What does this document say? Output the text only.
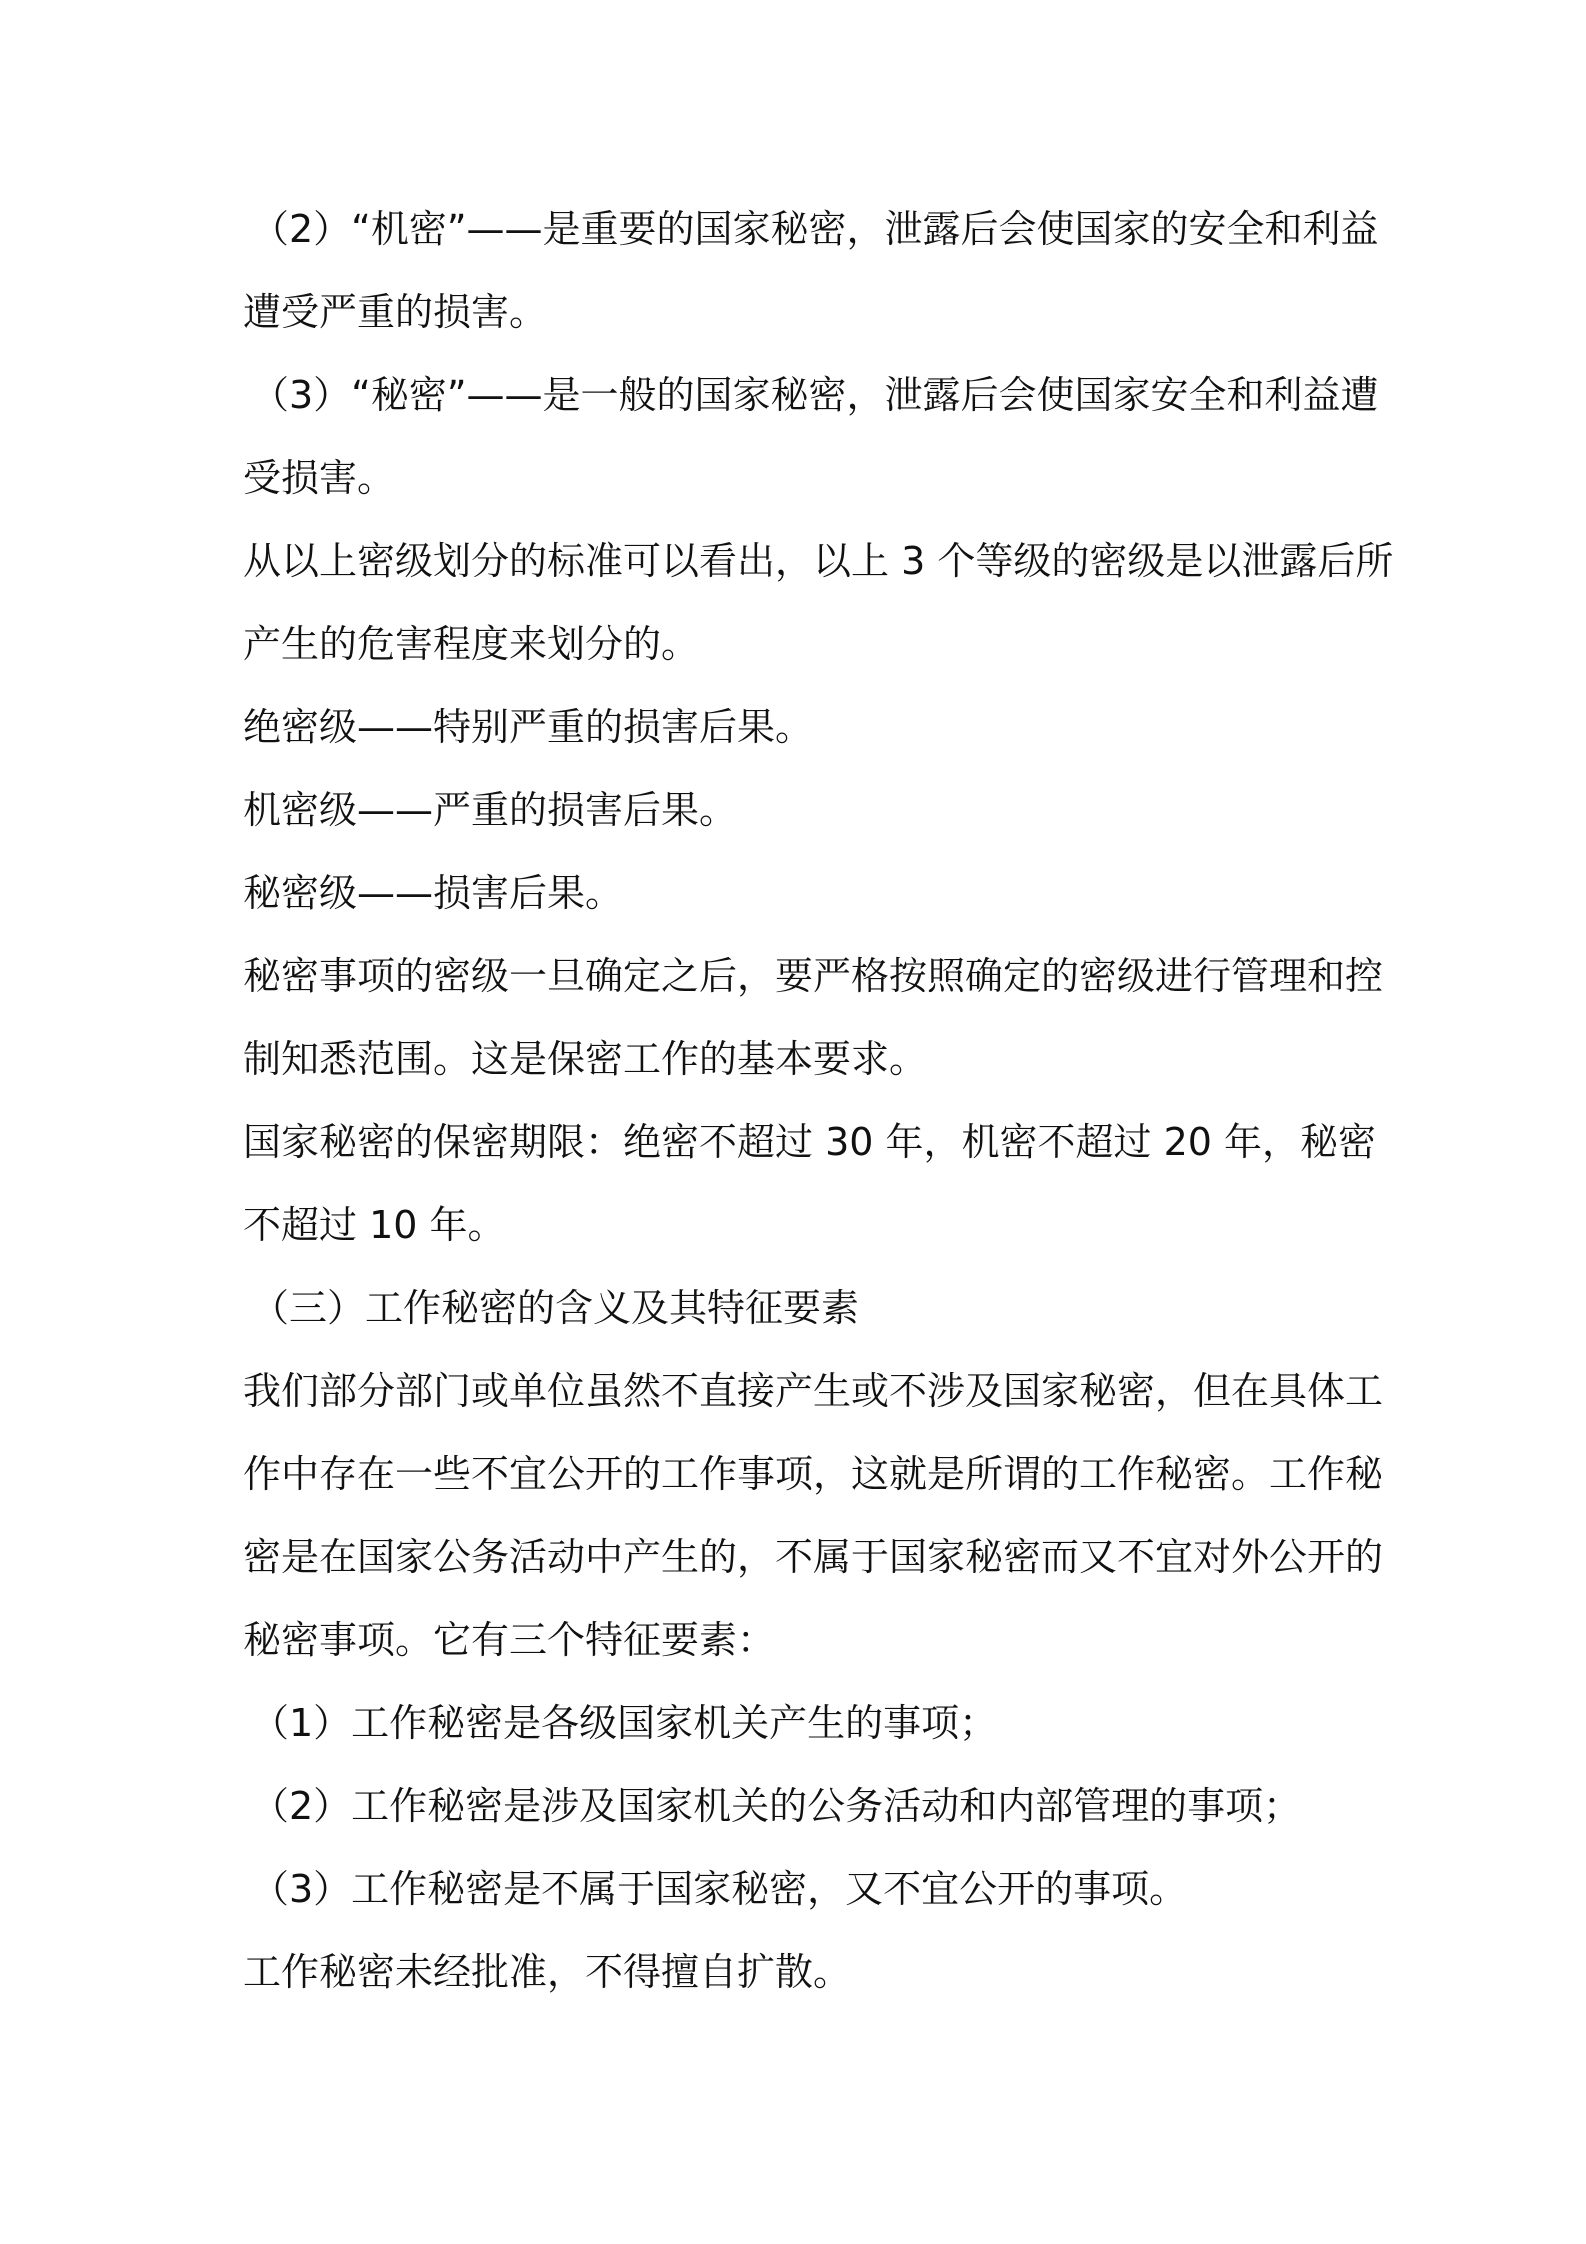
（2）“机密”——是重要的国家秘密，泄露后会使国家的安全和利益
遭受严重的损害。
（3）“秘密”——是一般的国家秘密，泄露后会使国家安全和利益遭
受损害。
从以上密级划分的标准可以看出，以上 3 个等级的密级是以泄露后所
产生的危害程度来划分的。
绝密级——特别严重的损害后果。
机密级——严重的损害后果。
秘密级——损害后果。
秘密事项的密级一旦确定之后，要严格按照确定的密级进行管理和控
制知悉范围。这是保密工作的基本要求。
国家秘密的保密期限：绝密不超过 30 年，机密不超过 20 年，秘密
不超过 10 年。
（三）工作秘密的含义及其特征要素
我们部分部门或单位虽然不直接产生或不涉及国家秘密，但在具体工
作中存在一些不宜公开的工作事项，这就是所谓的工作秘密。工作秘
密是在国家公务活动中产生的，不属于国家秘密而又不宜对外公开的
秘密事项。它有三个特征要素：
（1）工作秘密是各级国家机关产生的事项；
（2）工作秘密是涉及国家机关的公务活动和内部管理的事项；
（3）工作秘密是不属于国家秘密，又不宜公开的事项。
工作秘密未经批准，不得擅自扩散。
